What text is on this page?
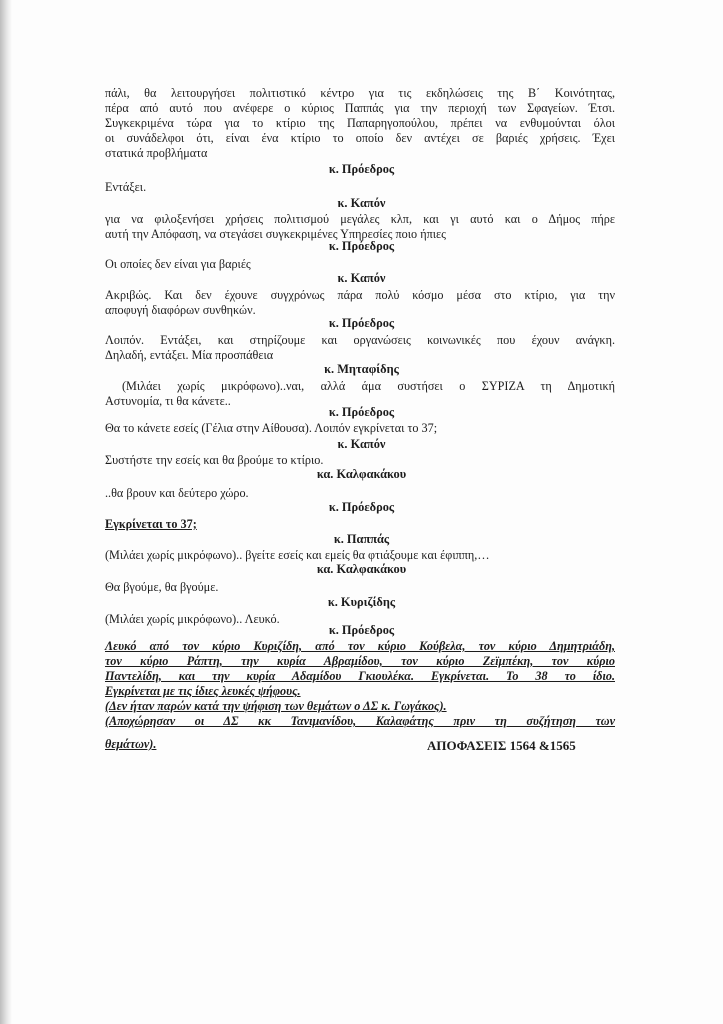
πάλι, θα λειτουργήσει πολιτιστικό κέντρο για τις εκδηλώσεις της Β΄ Κοινότητας,
πέρα από αυτό που ανέφερε ο κύριος Παππάς για την περιοχή των Σφαγείων. Έτσι.
Συγκεκριμένα τώρα για το κτίριο της Παπαρηγοπούλου, πρέπει να ενθυμούνται όλοι
οι συνάδελφοι ότι, είναι ένα κτίριο το οποίο δεν αντέχει σε βαριές χρήσεις. Έχει
στατικά προβλήματα
κ. Πρόεδρος
Εντάξει.
κ. Καπόν
για να φιλοξενήσει χρήσεις πολιτισμού μεγάλες κλπ, και γι αυτό και ο Δήμος πήρε
αυτή την Απόφαση, να στεγάσει συγκεκριμένες Υπηρεσίες ποιο ήπιες
κ. Πρόεδρος
Οι οποίες δεν είναι για βαριές
κ. Καπόν
Ακριβώς. Και δεν έχουνε συγχρόνως πάρα πολύ κόσμο μέσα στο κτίριο, για την
αποφυγή διαφόρων συνθηκών.
κ. Πρόεδρος
Λοιπόν. Εντάξει, και στηρίζουμε και οργανώσεις κοινωνικές που έχουν ανάγκη.
Δηλαδή, εντάξει. Μία προσπάθεια
κ. Μηταφίδης
(Μιλάει χωρίς μικρόφωνο)..ναι, αλλά άμα συστήσει ο ΣΥΡΙΖΑ τη Δημοτική
Αστυνομία, τι θα κάνετε..
κ. Πρόεδρος
Θα το κάνετε εσείς (Γέλια στην Αίθουσα). Λοιπόν εγκρίνεται το 37;
κ. Καπόν
Συστήστε την εσείς και θα βρούμε το κτίριο.
κα. Καλφακάκου
..θα βρουν και δεύτερο χώρο.
κ. Πρόεδρος
Εγκρίνεται το 37;
κ. Παππάς
(Μιλάει χωρίς μικρόφωνο).. βγείτε εσείς και εμείς θα φτιάξουμε και έφιππη,…
κα. Καλφακάκου
Θα βγούμε, θα βγούμε.
κ. Κυριζίδης
(Μιλάει χωρίς μικρόφωνο).. Λευκό.
κ. Πρόεδρος
Λευκό από τον κύριο Κυριζίδη, από τον κύριο Κούβελα, τον κύριο Δημητριάδη,
τον κύριο Ράπτη, την κυρία Αβραμίδου, τον κύριο Ζεϊμπέκη, τον κύριο
Παντελίδη, και την κυρία Αδαμίδου Γκιουλέκα. Εγκρίνεται. Το 38 το ίδιο.
Εγκρίνεται με τις ίδιες λευκές ψήφους.
(Δεν ήταν παρών κατά την ψήφιση των θεμάτων ο ΔΣ κ. Γωγάκος).
(Αποχώρησαν οι ΔΣ κκ Τανιμανίδου, Καλαφάτης πριν τη συζήτηση των
θεμάτων).	ΑΠΟΦΑΣΕΙΣ 1564 &1565
